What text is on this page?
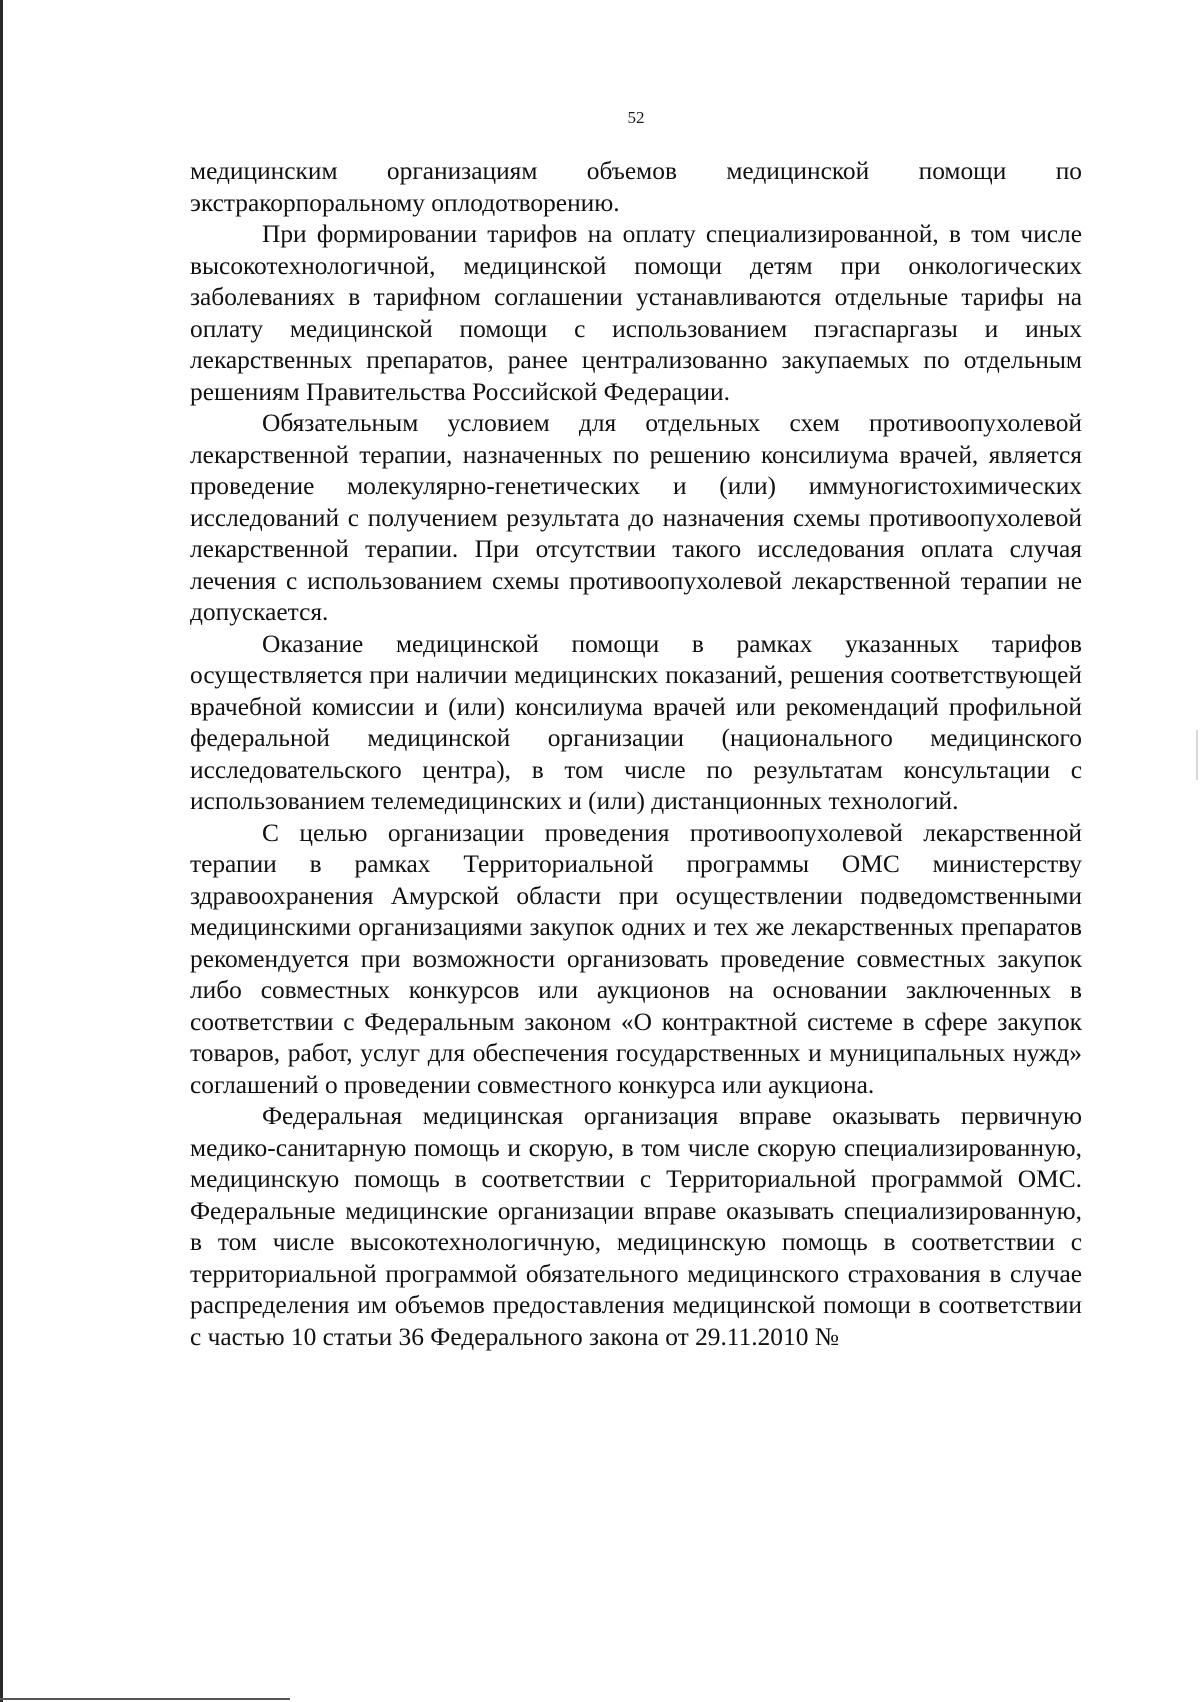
52

медицинским организациям объемов медицинской помощи по экстракорпоральному оплодотворению.

При формировании тарифов на оплату специализированной, в том числе высокотехнологичной, медицинской помощи детям при онкологических заболеваниях в тарифном соглашении устанавливаются отдельные тарифы на оплату медицинской помощи с использованием пэгаспаргазы и иных лекарственных препаратов, ранее централизованно закупаемых по отдельным решениям Правительства Российской Федерации.

Обязательным условием для отдельных схем противоопухолевой лекарственной терапии, назначенных по решению консилиума врачей, является проведение молекулярно-генетических и (или) иммуногистохимических исследований с получением результата до назначения схемы противоопухолевой лекарственной терапии. При отсутствии такого исследования оплата случая лечения с использованием схемы противоопухолевой лекарственной терапии не допускается.

Оказание медицинской помощи в рамках указанных тарифов осуществляется при наличии медицинских показаний, решения соответствующей врачебной комиссии и (или) консилиума врачей или рекомендаций профильной федеральной медицинской организации (национального медицинского исследовательского центра), в том числе по результатам консультации с использованием телемедицинских и (или) дистанционных технологий.

С целью организации проведения противоопухолевой лекарственной терапии в рамках Территориальной программы ОМС министерству здравоохранения Амурской области при осуществлении подведомственными медицинскими организациями закупок одних и тех же лекарственных препаратов рекомендуется при возможности организовать проведение совместных закупок либо совместных конкурсов или аукционов на основании заключенных в соответствии с Федеральным законом «О контрактной системе в сфере закупок товаров, работ, услуг для обеспечения государственных и муниципальных нужд» соглашений о проведении совместного конкурса или аукциона.

Федеральная медицинская организация вправе оказывать первичную медико-санитарную помощь и скорую, в том числе скорую специализированную, медицинскую помощь в соответствии с Территориальной программой ОМС. Федеральные медицинские организации вправе оказывать специализированную, в том числе высокотехнологичную, медицинскую помощь в соответствии с территориальной программой обязательного медицинского страхования в случае распределения им объемов предоставления медицинской помощи в соответствии с частью 10 статьи 36 Федерального закона от 29.11.2010 №
